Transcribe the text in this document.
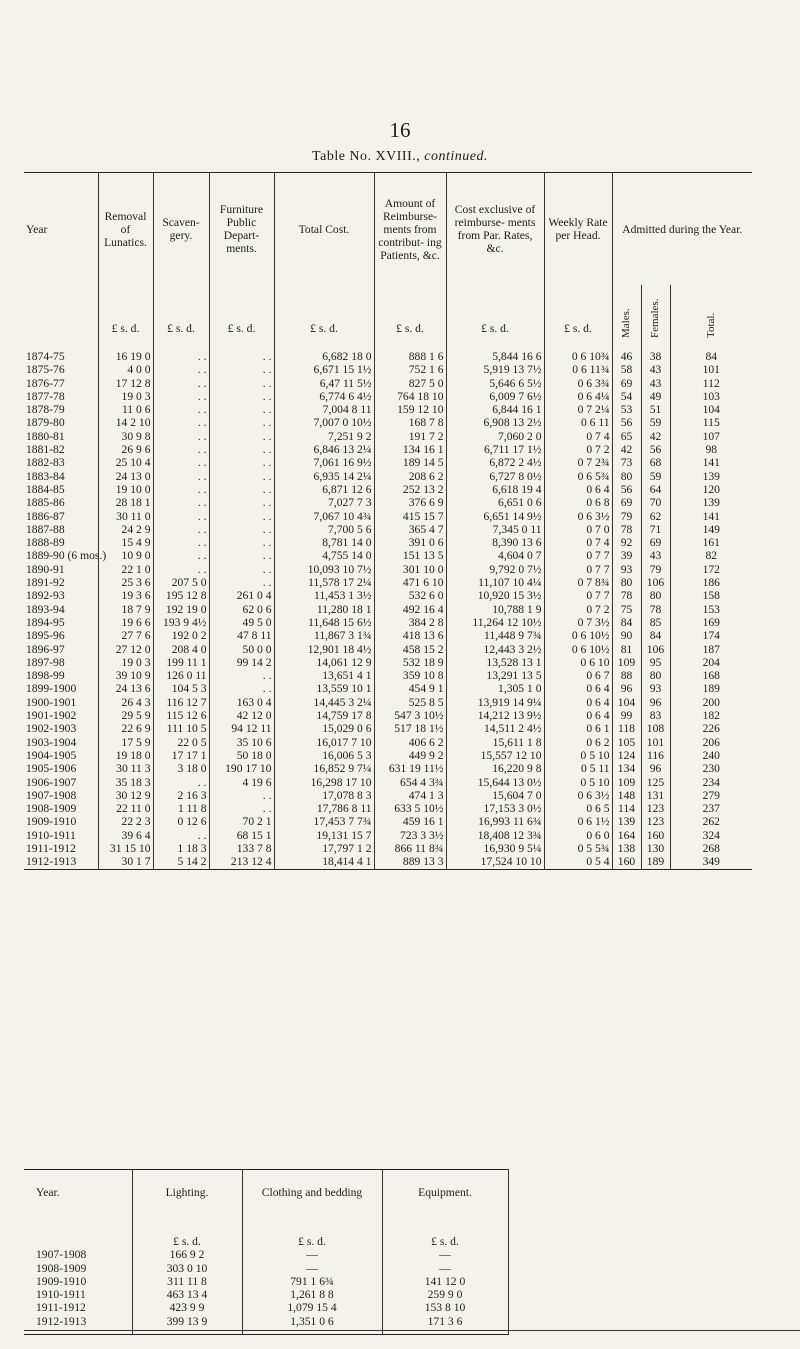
16
Table No. XVIII., continued.
Year	Removal of Lunatics.	Scaven- gery.	Furniture Public Depart- ments.	Total Cost.	Amount of Reimburse- ments from contribut- ing Patients, &c.	Cost exclusive of reimburse- ments from Par. Rates, &c.	Weekly Rate per Head.	Admitted during the Year.		
	£ s. d.	£ s. d.	£ s. d.	£ s. d.	£ s. d.	£ s. d.	£ s. d.	Males.	Females.	Total.

1874-75	16 19 0	. .	. .	6,682 18 0	888 1 6	5,844 16 6	0 6 10¾	46	38	84
1875-76	4 0 0	. .	. .	6,671 15 1½	752 1 6	5,919 13 7½	0 6 11¾	58	43	101
1876-77	17 12 8	. .	. .	6,47 11 5½	827 5 0	5,646 6 5½	0 6 3¾	69	43	112
1877-78	19 0 3	. .	. .	6,774 6 4½	764 18 10	6,009 7 6½	0 6 4¼	54	49	103
1878-79	11 0 6	. .	. .	7,004 8 11	159 12 10	6,844 16 1	0 7 2¼	53	51	104
1879-80	14 2 10	. .	. .	7,007 0 10½	168 7 8	6,908 13 2½	0 6 11	56	59	115
1880-81	30 9 8	. .	. .	7,251 9 2	191 7 2	7,060 2 0	0 7 4	65	42	107
1881-82	26 9 6	. .	. .	6,846 13 2¼	134 16 1	6,711 17 1½	0 7 2	42	56	98
1882-83	25 10 4	. .	. .	7,061 16 9½	189 14 5	6,872 2 4½	0 7 2¾	73	68	141
1883-84	24 13 0	. .	. .	6,935 14 2¼	208 6 2	6,727 8 0½	0 6 5¾	80	59	139
1884-85	19 10 0	. .	. .	6,871 12 6	252 13 2	6,618 19 4	0 6 4	56	64	120
1885-86	28 18 1	. .	. .	7,027 7 3	376 6 9	6,651 0 6	0 6 8	69	70	139
1886-87	30 11 0	. .	. .	7,067 10 4¾	415 15 7	6,651 14 9½	0 6 3½	79	62	141
1887-88	24 2 9	. .	. .	7,700 5 6	365 4 7	7,345 0 11	0 7 0	78	71	149
1888-89	15 4 9	. .	. .	8,781 14 0	391 0 6	8,390 13 6	0 7 4	92	69	161
1889-90 (6 mos.)	10 9 0	. .	. .	4,755 14 0	151 13 5	4,604 0 7	0 7 7	39	43	82
1890-91	22 1 0	. .	. .	10,093 10 7½	301 10 0	9,792 0 7½	0 7 7	93	79	172
1891-92	25 3 6	207 5 0	. .	11,578 17 2¼	471 6 10	11,107 10 4¼	0 7 8¾	80	106	186
1892-93	19 3 6	195 12 8	261 0 4	11,453 1 3½	532 6 0	10,920 15 3½	0 7 7	78	80	158
1893-94	18 7 9	192 19 0	62 0 6	11,280 18 1	492 16 4	10,788 1 9	0 7 2	75	78	153
1894-95	19 6 6	193 9 4½	49 5 0	11,648 15 6½	384 2 8	11,264 12 10½	0 7 3½	84	85	169
1895-96	27 7 6	192 0 2	47 8 11	11,867 3 1¾	418 13 6	11,448 9 7¾	0 6 10½	90	84	174
1896-97	27 12 0	208 4 0	50 0 0	12,901 18 4½	458 15 2	12,443 3 2½	0 6 10½	81	106	187
1897-98	19 0 3	199 11 1	99 14 2	14,061 12 9	532 18 9	13,528 13 1	0 6 10	109	95	204
1898-99	39 10 9	126 0 11	. .	13,651 4 1	359 10 8	13,291 13 5	0 6 7	88	80	168
1899-1900	24 13 6	104 5 3	. .	13,559 10 1	454 9 1	1,305 1 0	0 6 4	96	93	189
1900-1901	26 4 3	116 12 7	163 0 4	14,445 3 2¼	525 8 5	13,919 14 9¼	0 6 4	104	96	200
1901-1902	29 5 9	115 12 6	42 12 0	14,759 17 8	547 3 10½	14,212 13 9½	0 6 4	99	83	182
1902-1903	22 6 9	111 10 5	94 12 11	15,029 0 6	517 18 1½	14,511 2 4½	0 6 1	118	108	226
1903-1904	17 5 9	22 0 5	35 10 6	16,017 7 10	406 6 2	15,611 1 8	0 6 2	105	101	206
1904-1905	19 18 0	17 17 1	50 18 0	16,006 5 3	449 9 2	15,557 12 10	0 5 10	124	116	240
1905-1906	30 11 3	3 18 0	190 17 10	16,852 9 7¼	631 19 11½	16,220 9 8	0 5 11	134	96	230
1906-1907	35 18 3	. .	4 19 6	16,298 17 10	654 4 3¾	15,644 13 0½	0 5 10	109	125	234
1907-1908	30 12 9	2 16 3	. .	17,078 8 3	474 1 3	15,604 7 0	0 6 3½	148	131	279
1908-1909	22 11 0	1 11 8	. .	17,786 8 11	633 5 10½	17,153 3 0½	0 6 5	114	123	237
1909-1910	22 2 3	0 12 6	70 2 1	17,453 7 7¾	459 16 1	16,993 11 6¾	0 6 1½	139	123	262
1910-1911	39 6 4	. .	68 15 1	19,131 15 7	723 3 3½	18,408 12 3¾	0 6 0	164	160	324
1911-1912	31 15 10	1 18 3	133 7 8	17,797 1 2	866 11 8¾	16,930 9 5¼	0 5 5¾	138	130	268
1912-1913	30 1 7	5 14 2	213 12 4	18,414 4 1	889 13 3	17,524 10 10	0 5 4	160	189	349
Year.	Lighting.	Clothing and bedding	Equipment.
	£ s. d.	£ s. d.	£ s. d.
1907-1908	166 9 2	—	—
1908-1909	303 0 10	—	—
1909-1910	311 11 8	791 1 6¾	141 12 0
1910-1911	463 13 4	1,261 8 8	259 9 0
1911-1912	423 9 9	1,079 15 4	153 8 10
1912-1913	399 13 9	1,351 0 6	171 3 6
